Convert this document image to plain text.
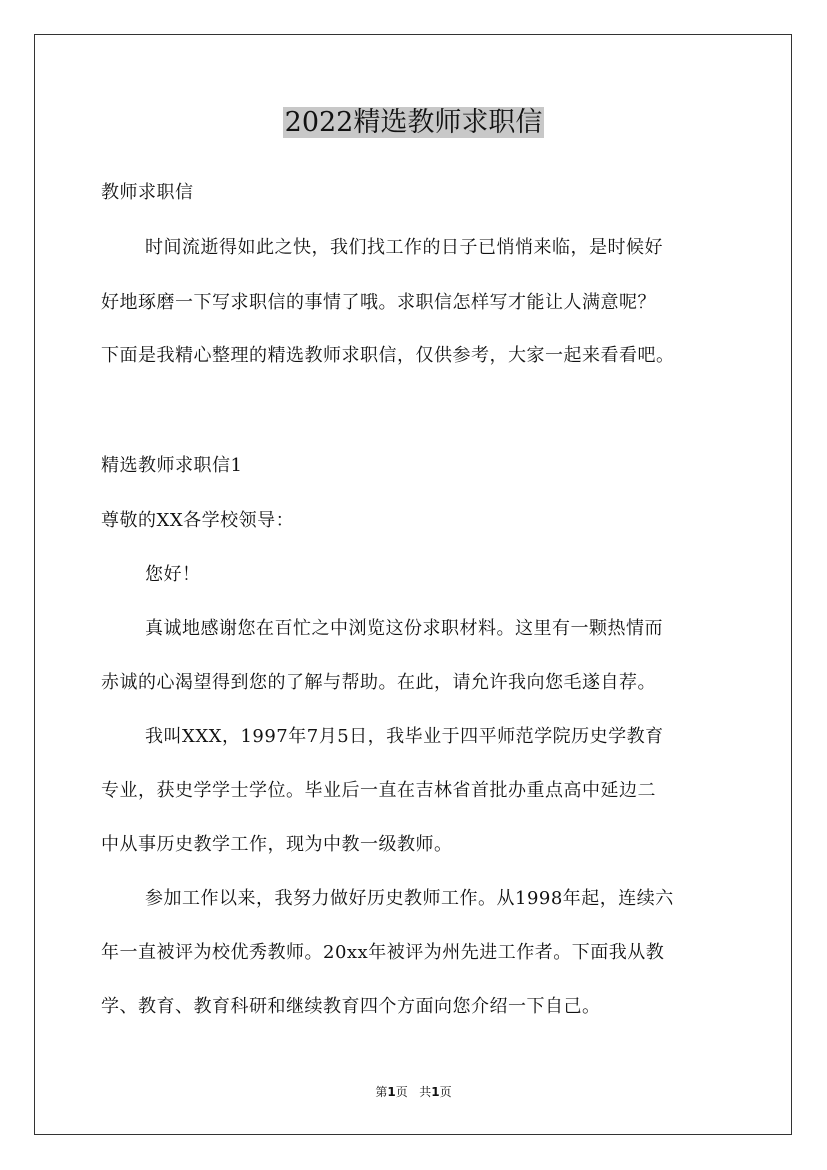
2022精选教师求职信

教师求职信

时间流逝得如此之快，我们找工作的日子已悄悄来临，是时候好

好地琢磨一下写求职信的事情了哦。求职信怎样写才能让人满意呢？

下面是我精心整理的精选教师求职信，仅供参考，大家一起来看看吧。

精选教师求职信1

尊敬的XX各学校领导：

您好！

真诚地感谢您在百忙之中浏览这份求职材料。这里有一颗热情而

赤诚的心渴望得到您的了解与帮助。在此，请允许我向您毛遂自荐。

我叫XXX，1997年7月5日，我毕业于四平师范学院历史学教育

专业，获史学学士学位。毕业后一直在吉林省首批办重点高中延边二

中从事历史教学工作，现为中教一级教师。

参加工作以来，我努力做好历史教师工作。从1998年起，连续六

年一直被评为校优秀教师。20xx年被评为州先进工作者。下面我从教

学、教育、教育科研和继续教育四个方面向您介绍一下自己。

第1页 共1页
